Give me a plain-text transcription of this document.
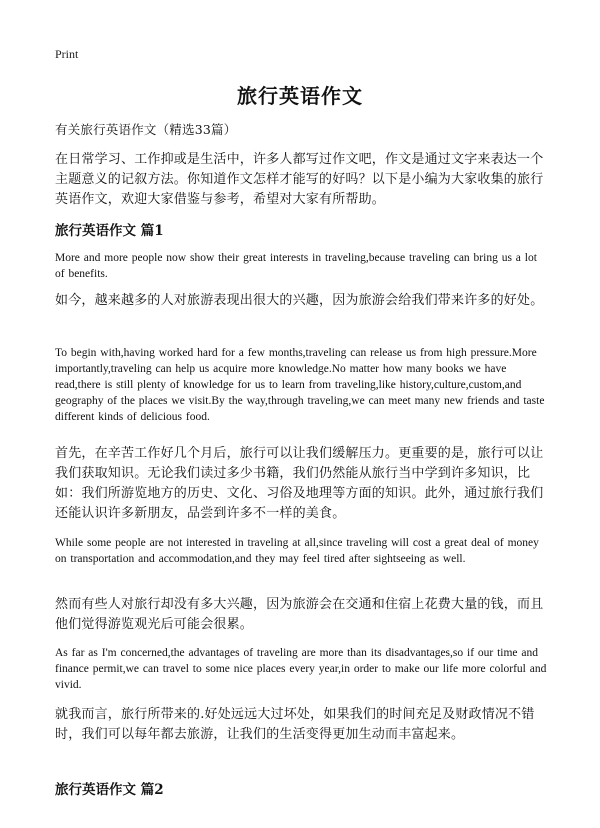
Print
旅行英语作文

有关旅行英语作文（精选33篇）

在日常学习、工作抑或是生活中，许多人都写过作文吧，作文是通过文字来表达一个主题意义的记叙方法。你知道作文怎样才能写的好吗？以下是小编为大家收集的旅行英语作文，欢迎大家借鉴与参考，希望对大家有所帮助。

旅行英语作文 篇1

More and more people now show their great interests in traveling,because traveling can bring us a lot of benefits.

如今，越来越多的人对旅游表现出很大的兴趣，因为旅游会给我们带来许多的好处。

To begin with,having worked hard for a few months,traveling can release us from high pressure.More importantly,traveling can help us acquire more knowledge.No matter how many books we have read,there is still plenty of knowledge for us to learn from traveling,like history,culture,custom,and geography of the places we visit.By the way,through traveling,we can meet many new friends and taste different kinds of delicious food.

首先，在辛苦工作好几个月后，旅行可以让我们缓解压力。更重要的是，旅行可以让我们获取知识。无论我们读过多少书籍，我们仍然能从旅行当中学到许多知识，比如：我们所游览地方的历史、文化、习俗及地理等方面的知识。此外，通过旅行我们还能认识许多新朋友，品尝到许多不一样的美食。

While some people are not interested in traveling at all,since traveling will cost a great deal of money on transportation and accommodation,and they may feel tired after sightseeing as well.

然而有些人对旅行却没有多大兴趣，因为旅游会在交通和住宿上花费大量的钱，而且他们觉得游览观光后可能会很累。

As far as I'm concerned,the advantages of traveling are more than its disadvantages,so if our time and finance permit,we can travel to some nice places every year,in order to make our life more colorful and vivid.

就我而言，旅行所带来的.好处远远大过坏处，如果我们的时间充足及财政情况不错时，我们可以每年都去旅游，让我们的生活变得更加生动而丰富起来。

旅行英语作文 篇2
